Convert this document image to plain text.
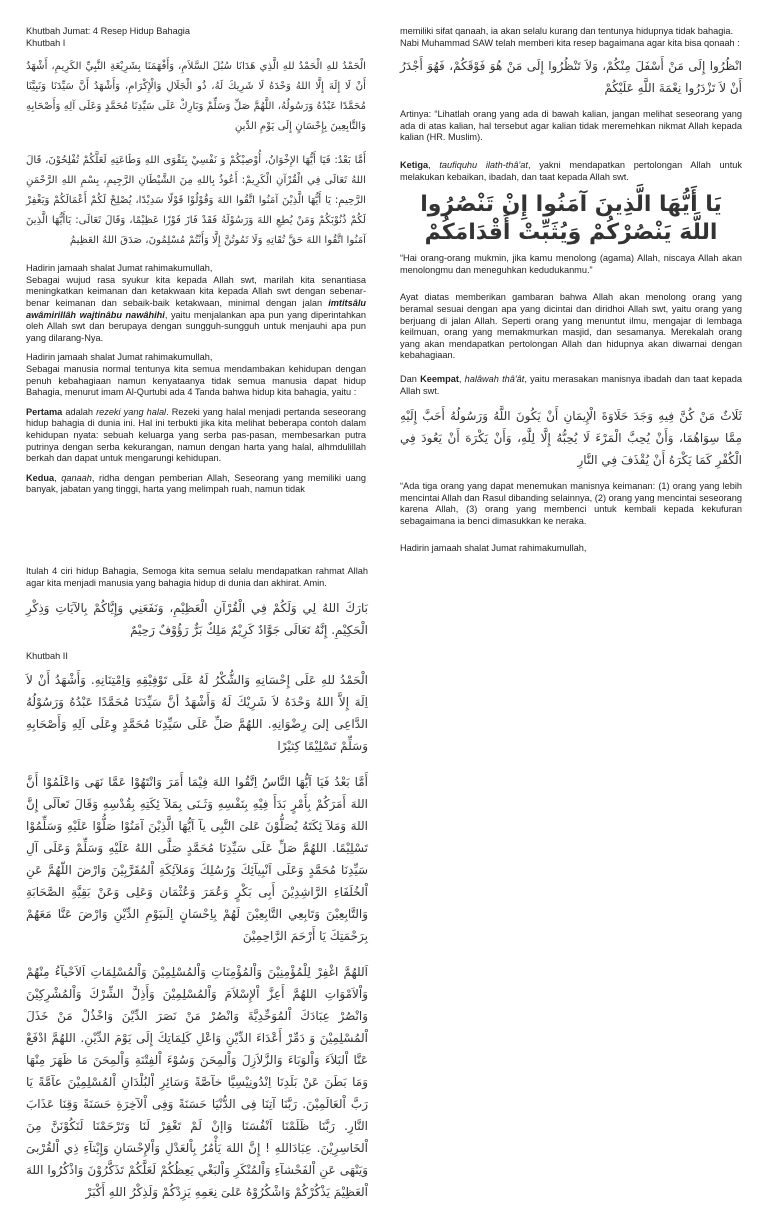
Khutbah Jumat: 4 Resep Hidup Bahagia
Khutbah I
الْحَمْدُ للهِ الْحَمْدُ للهِ الَّذِي هَدَانَا سُبُلَ السَّلاَمِ، وَأَفْهَمَنَا بِشَرِيْعَةِ النَّبِيِّ الكَرِيمِ، أَشْهَدُ أَنْ لَا إِلَهَ إِلَّا اللهُ وَحْدَهُ لَا شَرِيكَ لَهُ، ذُو الْجَلَالِ وَالْإِكْرَامِ، وَأَشْهَدُ أَنَّ سَيِّدَنَا وَنَبِيَّنَا مُحَمَّدًا عَبْدُهُ وَرَسُولُهُ، اللَّهُمَّ صَلِّ وَسَلِّمْ وَبَارِكْ عَلَى سَيِّدِنَا مُحَمَّدٍ وَعَلَى آلِهِ وَأَصْحَابِهِ وَالتَّابِعِينَ بِإِحْسَانٍ إِلَى يَوْمِ الدِّينِ
أَمَّا بَعْدُ: فَيَا أَيُّهَا الإِخْوَانُ، أُوْصِيْكُمْ وَ نَفْسِيْ بِتَقْوَى اللهِ وَطَاعَتِهِ لَعَلَّكُمْ تُفْلِحُوْنَ، قَالَ اللهُ تَعَالَى فِي الْقُرْآنِ الْكَرِيمْ: أَعُوذُ بِاللهِ مِنَ الشَّيْطَانِ الرَّجِيمِ، بِسْمِ اللهِ الرَّحْمَنِ الرَّحِيمِ: يَا أَيُّهَا الَّذِيْنَ آمَنُوا اتَّقُوا اللهَ وَقُوْلُوْا قَوْلًا سَدِيْدًا، يُصْلِحْ لَكُمْ أَعْمَالَكُمْ وَيَغْفِرْ لَكُمْ ذُنُوْبَكُمْ وَمَنْ يُطِعِ اللهَ وَرَسُوْلَهُ فَقَدْ فَازَ فَوْزًا عَظِيْمًا، وَقَالَ تَعَالَى: يَاأَيُّهَا الَّذِينَ آمَنُوا اتَّقُوا اللهَ حَقَّ تُقَاتِهِ وَلَا تَمُوتُنَّ إِلَّا وَأَنْتُمْ مُسْلِمُونَ، صَدَقَ اللهُ العَظِيمُ

Hadirin jamaah shalat Jumat rahimakumullah,
Sebagai wujud rasa syukur kita kepada Allah swt, marilah kita senantiasa meningkatkan keimanan dan ketakwaan kita kepada Allah swt dengan sebenar-benar keimanan dan sebaik-baik ketakwaan, minimal dengan jalan imtitsâlu awâmirillâh wajtinâbu nawâhihi, yaitu menjalankan apa pun yang diperintahkan oleh Allah swt dan berupaya dengan sungguh-sungguh untuk menjauhi apa pun yang dilarang-Nya.

Hadirin jamaah shalat Jumat rahimakumullah,
Sebagai manusia normal tentunya kita semua mendambakan kehidupan dengan penuh kebahagiaan namun kenyataanya tidak semua manusia dapat hidup Bahagia, menurut imam Al-Qurtubi ada 4 Tanda bahwa hidup kita bahagia, yaitu :

Pertama adalah rezeki yang halal. Rezeki yang halal menjadi pertanda seseorang hidup bahagia di dunia ini. Hal ini terbukti jika kita melihat beberapa contoh dalam kehidupan nyata: sebuah keluarga yang serba pas-pasan, membesarkan putra putrinya dengan serba kekurangan, namun dengan harta yang halal, alhmdulillah berkah dan dapat untuk mengarungi kehidupan.

Kedua, qanaah, ridha dengan pemberian Allah, Seseorang yang memiliki uang banyak, jabatan yang tinggi, harta yang melimpah ruah, namun tidak

memiliki sifat qanaah, ia akan selalu kurang dan tentunya hidupnya tidak bahagia.
Nabi Muhammad SAW telah memberi kita resep bagaimana agar kita bisa qonaah :
انْظُرُوا إِلَى مَنْ أَسْفَلَ مِنْكُمْ، وَلاَ تَنْظُرُوا إِلَى مَنْ هُوَ فَوْقَكُمْ، فَهُوَ أَجْدَرُ أَنْ لاَ تَزْدَرُوا نِعْمَةَ اللَّهِ عَلَيْكُمْ

Artinya: “Lihatlah orang yang ada di bawah kalian, jangan melihat seseorang yang ada di atas kalian, hal tersebut agar kalian tidak meremehkan nikmat Allah kepada kalian (HR. Muslim).

Ketiga, taufiquhu ilath-thâ'at, yakni mendapatkan pertolongan Allah untuk melakukan kebaikan, ibadah, dan taat kepada Allah swt.

يَا أَيُّهَا الَّذِينَ آمَنُوا إِنْ تَنْصُرُوا اللَّهَ يَنْصُرْكُمْ وَيُثَبِّتْ أَقْدَامَكُمْ

“Hai orang-orang mukmin, jika kamu menolong (agama) Allah, niscaya Allah akan menolongmu dan meneguhkan kedudukanmu.”

Ayat diatas memberikan gambaran bahwa Allah akan menolong orang yang beramal sesuai dengan apa yang dicintai dan diridhoi Allah swt, yaitu orang yang berjuang di jalan Allah. Seperti orang yang menuntut ilmu, mengajar di lembaga keilmuan, orang yang memakmurkan masjid, dan sesamanya. Merekalah orang yang akan mendapatkan pertolongan Allah dan hidupnya akan diwarnai dengan kebahagiaan.

Dan Keempat, halâwah thâ'ât, yaitu merasakan manisnya ibadah dan taat kepada Allah swt.

ثَلَاثٌ مَنْ كُنَّ فِيهِ وَجَدَ حَلَاوَةَ الْإِيمَانِ أَنْ يَكُونَ اللَّهُ وَرَسُولُهُ أَحَبَّ إِلَيْهِ مِمَّا سِوَاهُمَا، وَأَنْ يُحِبَّ الْمَرْءَ لَا يُحِبُّهُ إِلَّا لِلَّهِ، وَأَنْ يَكْرَهَ أَنْ يَعُودَ فِي الْكُفْرِ كَمَا يَكْرَهُ أَنْ يُقْذَفَ فِي النَّارِ

“Ada tiga orang yang dapat menemukan manisnya keimanan: (1) orang yang lebih mencintai Allah dan Rasul dibanding selainnya, (2) orang yang mencintai seseorang karena Allah, (3) orang yang membenci untuk kembali kepada kekufuran sebagaimana ia benci dimasukkan ke neraka.

Hadirin jamaah shalat Jumat rahimakumullah,

Itulah 4 ciri hidup Bahagia, Semoga kita semua selalu mendapatkan rahmat Allah agar kita menjadi manusia yang bahagia hidup di dunia dan akhirat. Amin.

بَارَكَ اللهُ لِي وَلَكُمْ فِي الْقُرْآنِ الْعَظِيْمِ، وَنَفَعَنِي وَإِيَّاكُمْ بِالآيَاتِ وَذِكْرِ الْحَكِيْمِ. إِنَّهُ تَعَالَى جَوَّادٌ كَرِيْمٌ مَلِكٌ بَرٌّ رَؤُوْفٌ رَحِيْمٌ
Khutbah II
الْحَمْدُ للهِ عَلَى إِحْسَانِهِ وَالشُّكْرُ لَهُ عَلَى تَوْفِيْقِهِ وَاِمْتِنَانِهِ. وَأَشْهَدُ أَنْ لاَ اِلَهَ إِلاَّ اللهُ وَحْدَهُ لاَ شَرِيْكَ لَهُ وَأَشْهَدُ أنَّ سَيِّدَنَا مُحَمَّدًا عَبْدُهُ وَرَسُوْلُهُ الدَّاعِى إلىَ رِضْوَانِهِ. اللهُمَّ صَلِّ عَلَى سَيِّدِنَا مُحَمَّدٍ وِعَلَى اَلِهِ وَأَصْحَابِهِ وَسَلِّمْ تَسْلِيْمًا كِثيْرًا
أَمَّا بَعْدُ فَيَا اَيُّهَا النَّاسُ اِتَّقُوا اللهَ فِيْمَا أَمَرَ وَانْتَهُوْا عَمَّا نَهَى وَاعْلَمُوْا أَنَّ اللهَ أَمَرَكُمْ بِأَمْرٍ بَدَأَ فِيْهِ بِنَفْسِهِ وَثَـنَى بِمَلآ ئِكَتِهِ بِقُدْسِهِ وَقَالَ تَعاَلَى إِنَّ اللهَ وَمَلآ ئِكَتَهُ يُصَلُّوْنَ عَلىَ النَّبِى يآ اَيُّهَا الَّذِيْنَ آمَنُوْا صَلُّوْا عَلَيْهِ وَسَلِّمُوْا تَسْلِيْمًا. اللهُمَّ صَلِّ عَلَى سَيِّدِنَا مُحَمَّدٍ صَلَّى اللهُ عَلَيْهِ وَسَلِّمْ وَعَلَى آلِ سَيِّدِنَا مُحَمَّدٍ وَعَلَى اَنْبِيآئِكَ وَرُسُلِكَ وَمَلآئِكَةِ اْلمُقَرَّبِيْنَ وَارْضَ اللّهُمَّ عَنِ اْلخُلَفَاءِ الرَّاشِدِيْنَ أَبِى بَكْرٍ وَعُمَرَ وَعُثْمَان وَعَلِى وَعَنْ بَقِيَّةِ الصَّحَابَةِ وَالتَّابِعِيْنَ وَتَابِعِي التَّابِعِيْنَ لَهُمْ بِاِحْسَانٍ اِلَىيَوْمِ الدِّيْنِ وَارْضَ عَنَّا مَعَهُمْ بِرَحْمَتِكَ يَا أَرْحَمَ الرَّاحِمِيْنَ
اَللهُمَّ اغْفِرْ لِلْمُؤْمِنِيْنَ وَاْلمُؤْمِنَاتِ وَاْلمُسْلِمِيْنَ وَاْلمُسْلِمَاتِ اَلاَحْيآءُ مِنْهُمْ وَاْلاَمْوَاتِ اللهُمَّ أَعِزَّ اْلإِسْلاَمَ وَاْلمُسْلِمِيْنَ وَأَذِلَّ الشِّرْكَ وَاْلمُشْرِكِيْنَ وَانْصُرْ عِبَادَكَ اْلمُوَحِّدِيَّةَ وَانْصُرْ مَنْ نَصَرَ الدِّيْنَ وَاخْذُلْ مَنْ خَذَلَ اْلمُسْلِمِيْنَ وَ دَمِّرْ أَعْدَاءَ الدِّيْنِ وَاعْلِ كَلِمَاتِكَ إِلَى يَوْمَ الدِّيْنِ. اللهُمَّ ادْفَعْ عَنَّا اْلبَلاَءَ وَاْلوَبَاءَ وَالزَّلاَزِلَ وَاْلمِحَنَ وَسُوْءَ اْلفِتْنَةِ وَاْلمِحَنَ مَا ظَهَرَ مِنْهَا وَمَا بَطَنَ عَنْ بَلَدِنَا اِنْدُونِيْسِيَّا خآصَّةً وَسَائِرِ اْلبُلْدَانِ اْلمُسْلِمِيْنَ عآمَّةً يَا رَبَّ اْلعَالَمِيْنَ. رَبَّنَا آتِنَا فِى الدُّنْيَا حَسَنَةً وَفِى اْلآخِرَةِ حَسَنَةً وَقِنَا عَذَابَ النَّارِ. رَبَّنَا ظَلَمْنَا اَنْفُسَنَا وَاإنْ لَمْ تَغْفِرْ لَنَا وَتَرْحَمْنَا لَنَكُوْنَنَّ مِنَ اْلخَاسِرِيْنَ. عِبَادَاللهِ ! إِنَّ اللهَ يَأْمُرُ بِاْلعَدْلِ وَاْلإِحْسَانِ وَإِيْتآءِ ذِي اْلقُرْبىَ وَيَنْهَى عَنِ اْلفَحْشآءِ وَاْلمُنْكَرِ وَاْلبَغْي يَعِظُكُمْ لَعَلَّكُمْ تَذَكَّرُوْنَ وَاذْكُرُوا اللهَ اْلعَظِيْمَ يَذْكُرْكُمْ وَاشْكُرُوْهُ عَلىَ نِعَمِهِ يَزِدْكُمْ وَلَذِكْرُ اللهِ أَكْبَرْ
